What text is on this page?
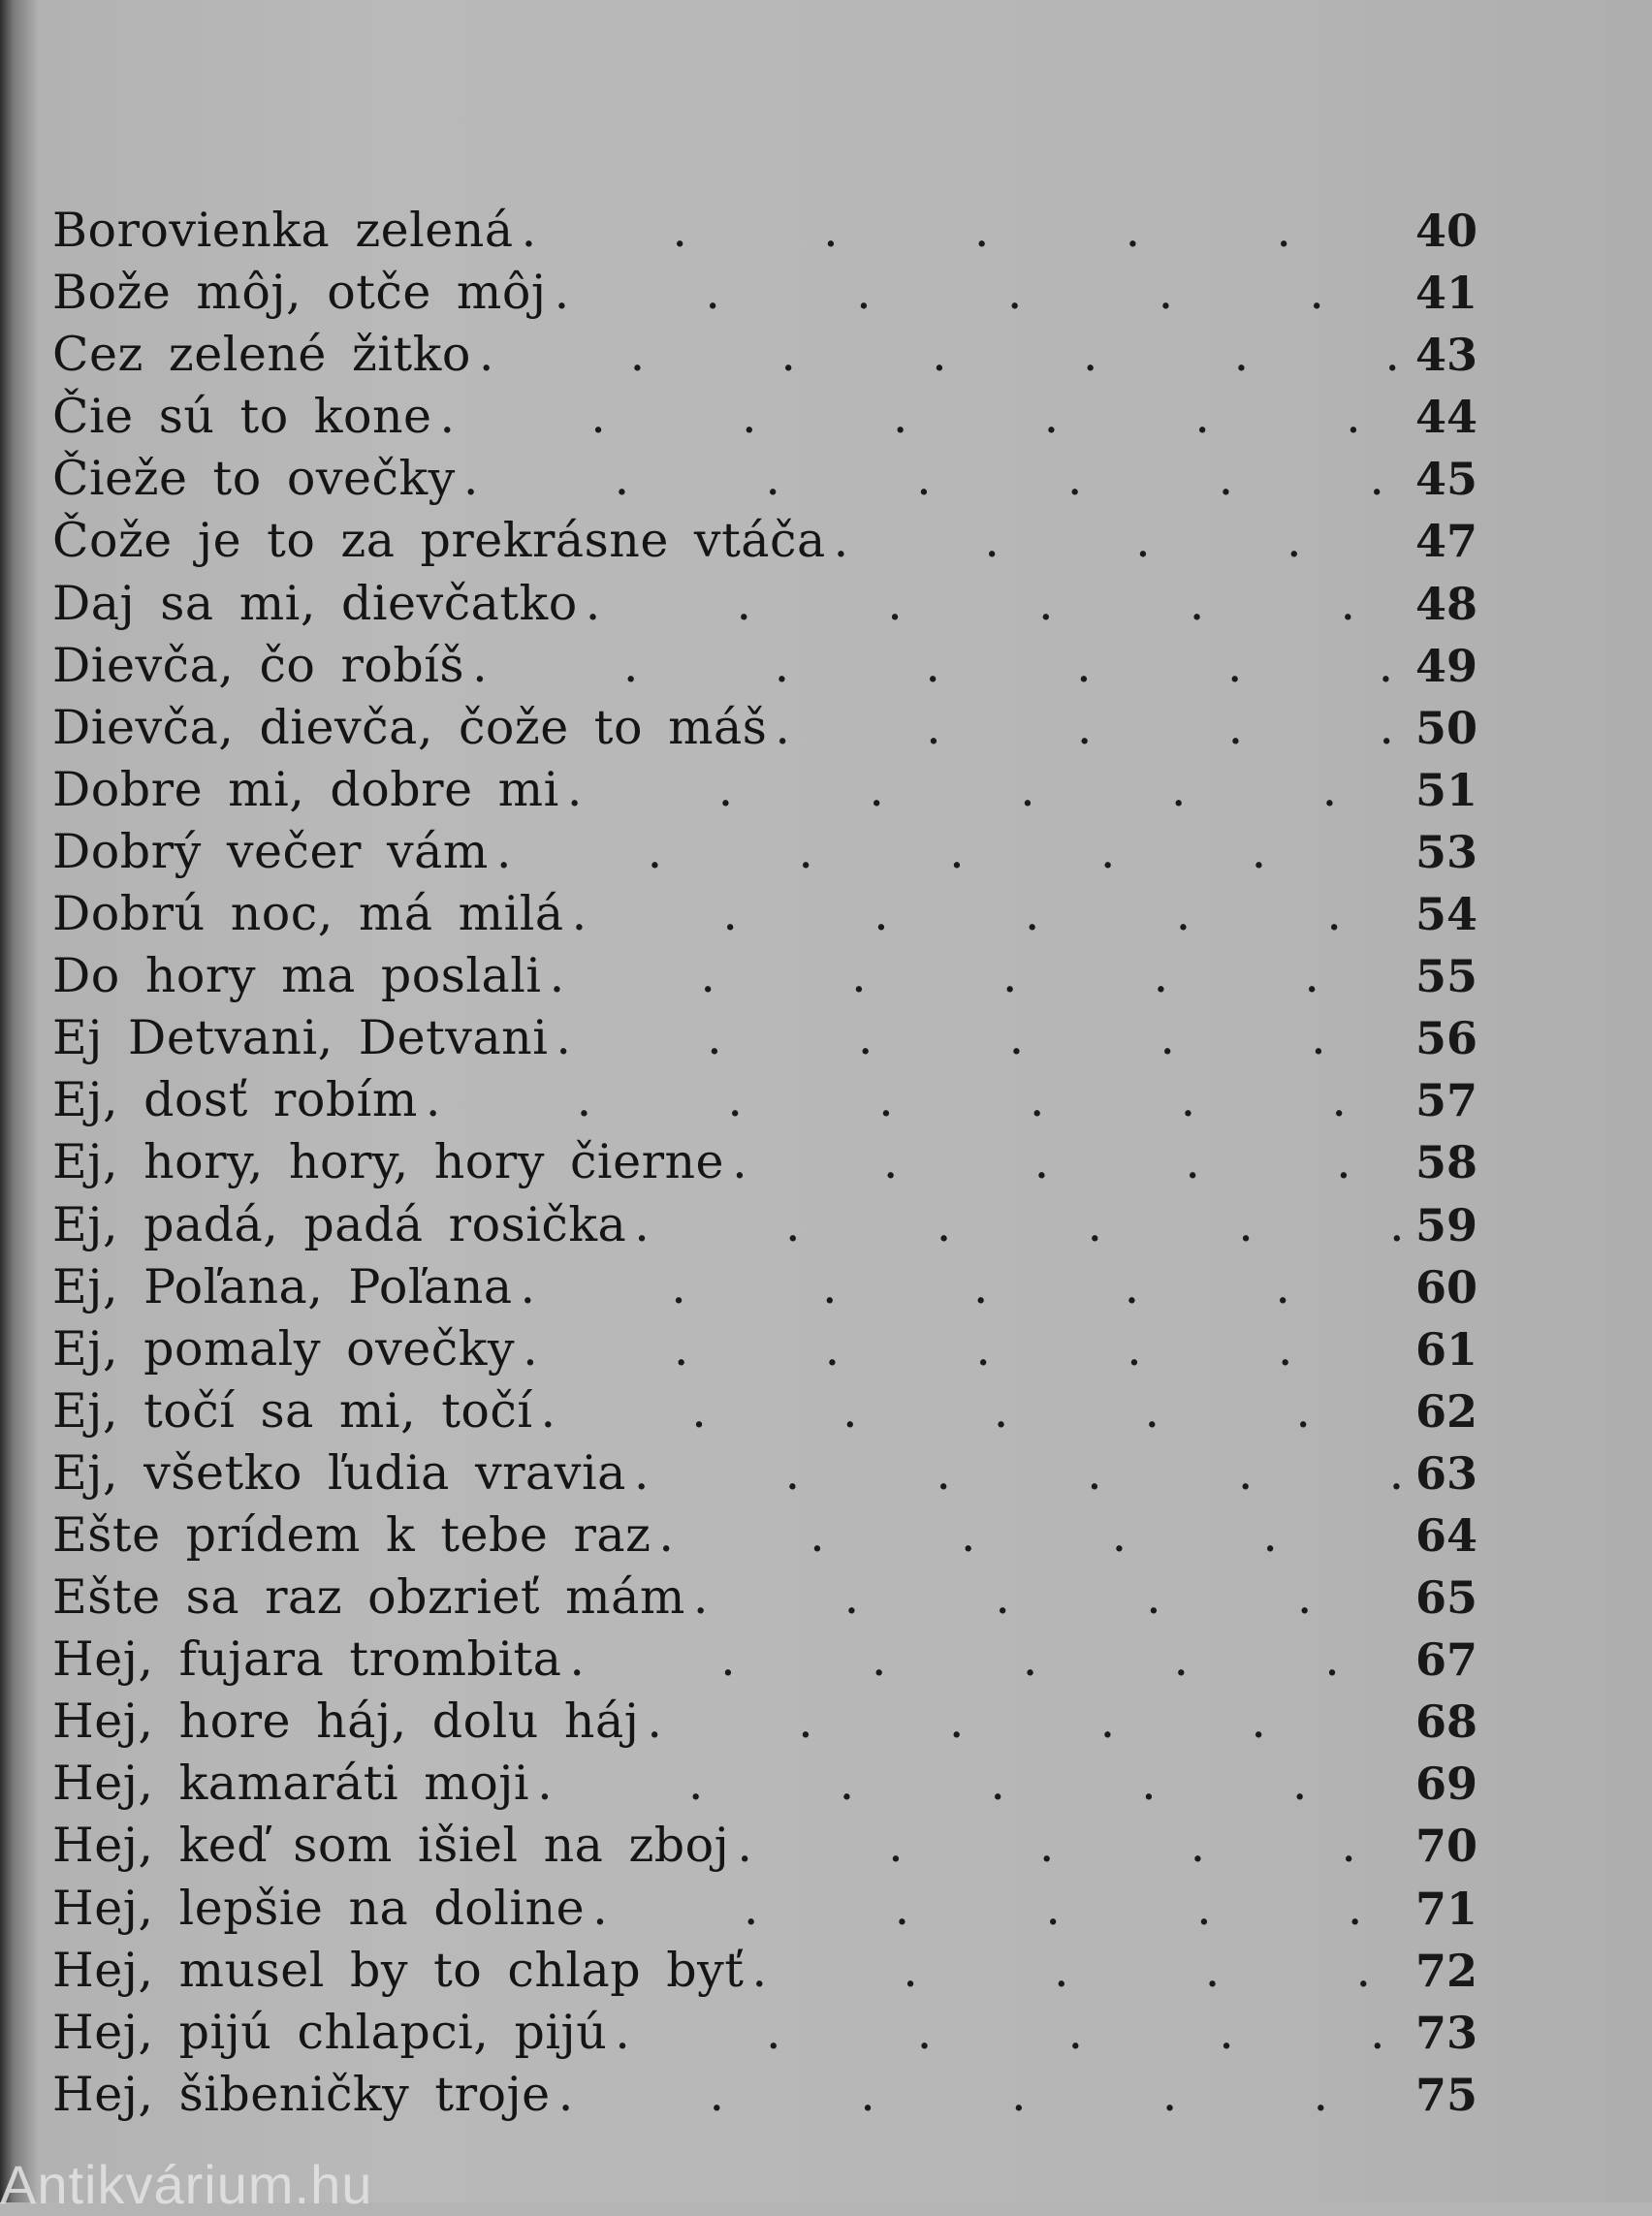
Borovienka zelená .	40
Bože môj, otče môj .	41
Cez zelené žitko .	43
Čie sú to kone .	44
Čieže to ovečky .	45
Čože je to za prekrásne vtáča .	47
Daj sa mi, dievčatko .	48
Dievča, čo robíš .	49
Dievča, dievča, čože to máš .	50
Dobre mi, dobre mi .	51
Dobrý večer vám .	53
Dobrú noc, má milá .	54
Do hory ma poslali .	55
Ej Detvani, Detvani .	56
Ej, dosť robím .	57
Ej, hory, hory, hory čierne .	58
Ej, padá, padá rosička .	59
Ej, Poľana, Poľana .	60
Ej, pomaly ovečky .	61
Ej, točí sa mi, točí .	62
Ej, všetko ľudia vravia .	63
Ešte prídem k tebe raz .	64
Ešte sa raz obzrieť mám .	65
Hej, fujara trombita .	67
Hej, hore háj, dolu háj .	68
Hej, kamaráti moji .	69
Hej, keď som išiel na zboj .	70
Hej, lepšie na doline .	71
Hej, musel by to chlap byť .	72
Hej, pijú chlapci, pijú .	73
Hej, šibeničky troje .	75
Antikvárium.hu
